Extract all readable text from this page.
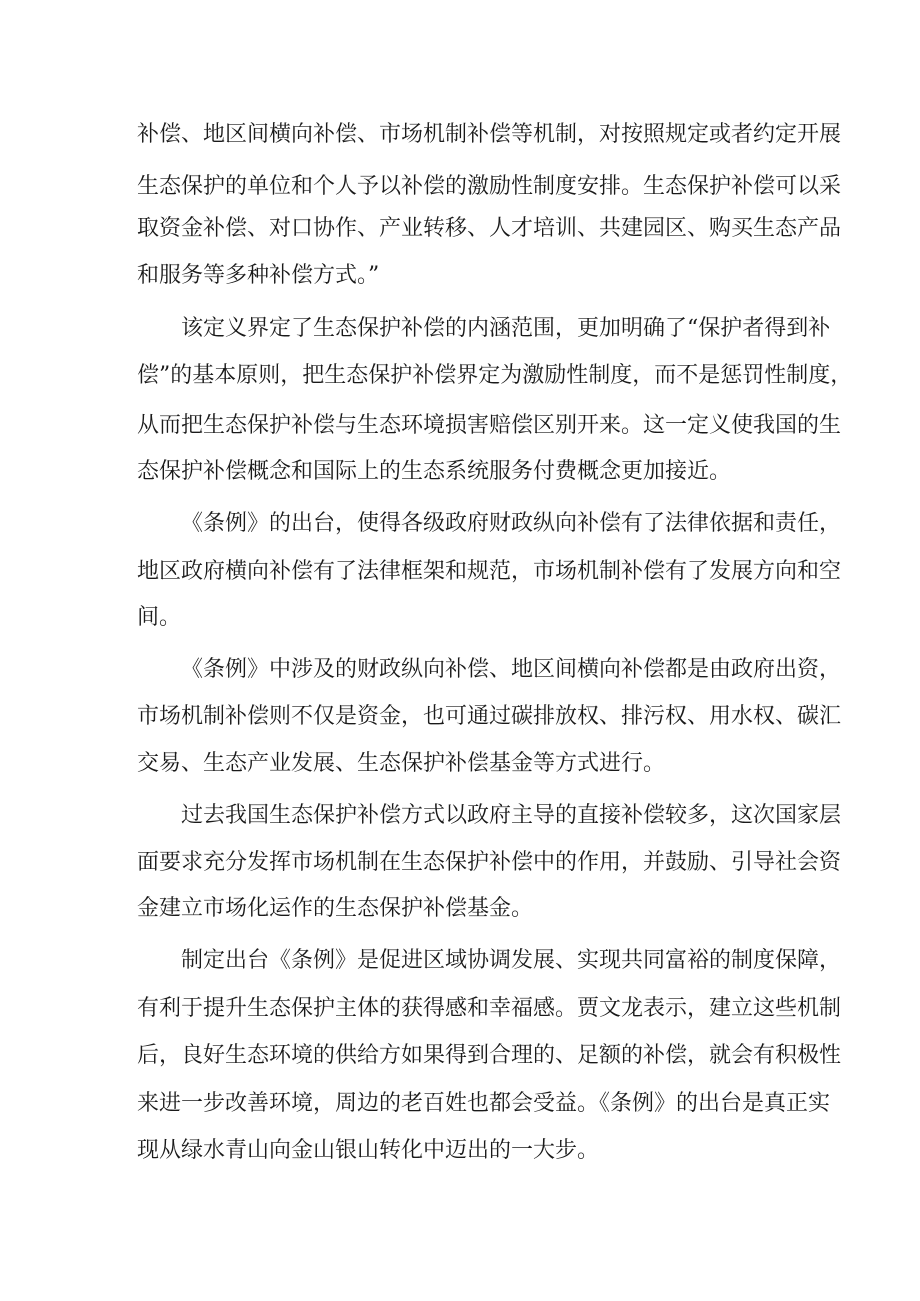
补偿、地区间横向补偿、市场机制补偿等机制，对按照规定或者约定开展

生态保护的单位和个人予以补偿的激励性制度安排。生态保护补偿可以采

取资金补偿、对口协作、产业转移、人才培训、共建园区、购买生态产品

和服务等多种补偿方式。”

该定义界定了生态保护补偿的内涵范围，更加明确了“保护者得到补

偿”的基本原则，把生态保护补偿界定为激励性制度，而不是惩罚性制度，

从而把生态保护补偿与生态环境损害赔偿区别开来。这一定义使我国的生

态保护补偿概念和国际上的生态系统服务付费概念更加接近。

《条例》的出台，使得各级政府财政纵向补偿有了法律依据和责任，

地区政府横向补偿有了法律框架和规范，市场机制补偿有了发展方向和空

间。

《条例》中涉及的财政纵向补偿、地区间横向补偿都是由政府出资，

市场机制补偿则不仅是资金，也可通过碳排放权、排污权、用水权、碳汇

交易、生态产业发展、生态保护补偿基金等方式进行。

过去我国生态保护补偿方式以政府主导的直接补偿较多，这次国家层

面要求充分发挥市场机制在生态保护补偿中的作用，并鼓励、引导社会资

金建立市场化运作的生态保护补偿基金。

制定出台《条例》是促进区域协调发展、实现共同富裕的制度保障，

有利于提升生态保护主体的获得感和幸福感。贾文龙表示，建立这些机制

后，良好生态环境的供给方如果得到合理的、足额的补偿，就会有积极性

来进一步改善环境，周边的老百姓也都会受益。《条例》的出台是真正实

现从绿水青山向金山银山转化中迈出的一大步。
